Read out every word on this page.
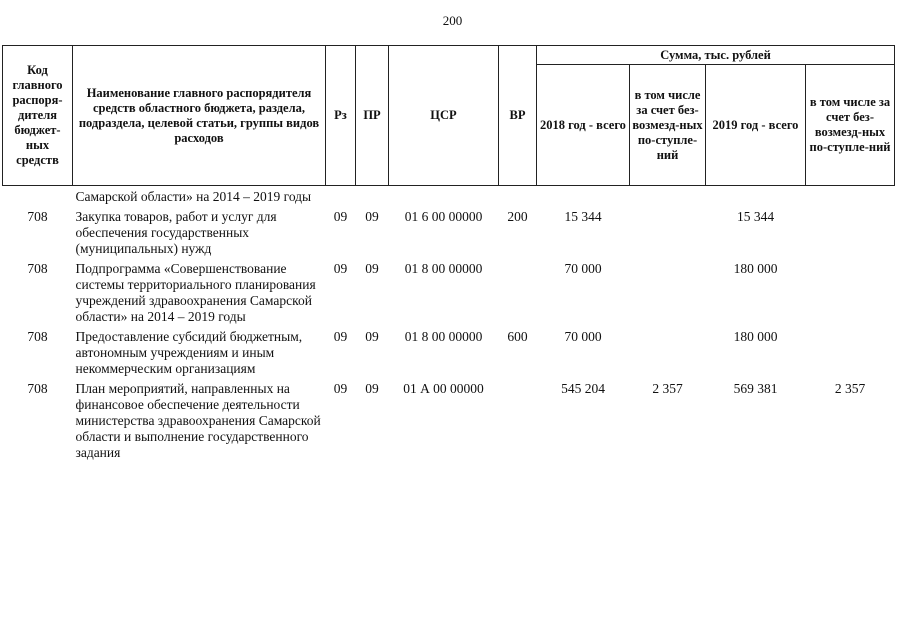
200
Код главного распоря-дителя бюджет-ных средств	Наименование главного распорядителя средств областного бюджета, раздела, подраздела, целевой статьи, группы видов расходов	Рз	ПР	ЦСР	ВР	Сумма, тыс. рублей			
						2018 год - всего	в том числе за счет без-возмезд-ных по-ступле-ний	2019 год - всего	в том числе за счет без-возмезд-ных по-ступле-ний
	Самарской области» на 2014 – 2019 годы								
708	Закупка товаров, работ и услуг для обеспечения государственных (муниципальных) нужд	09	09	01 6 00 00000	200	15 344		15 344	
708	Подпрограмма «Совершенствование системы территориального планирования учреждений здравоохранения Самарской области» на 2014 – 2019 годы	09	09	01 8 00 00000		70 000		180 000	
708	Предоставление субсидий бюджетным, автономным учреждениям и иным некоммерческим организациям	09	09	01 8 00 00000	600	70 000		180 000	
708	План мероприятий, направленных на финансовое обеспечение деятельности министерства здравоохранения Самарской области и выполнение государственного задания	09	09	01 А 00 00000		545 204	2 357	569 381	2 357
